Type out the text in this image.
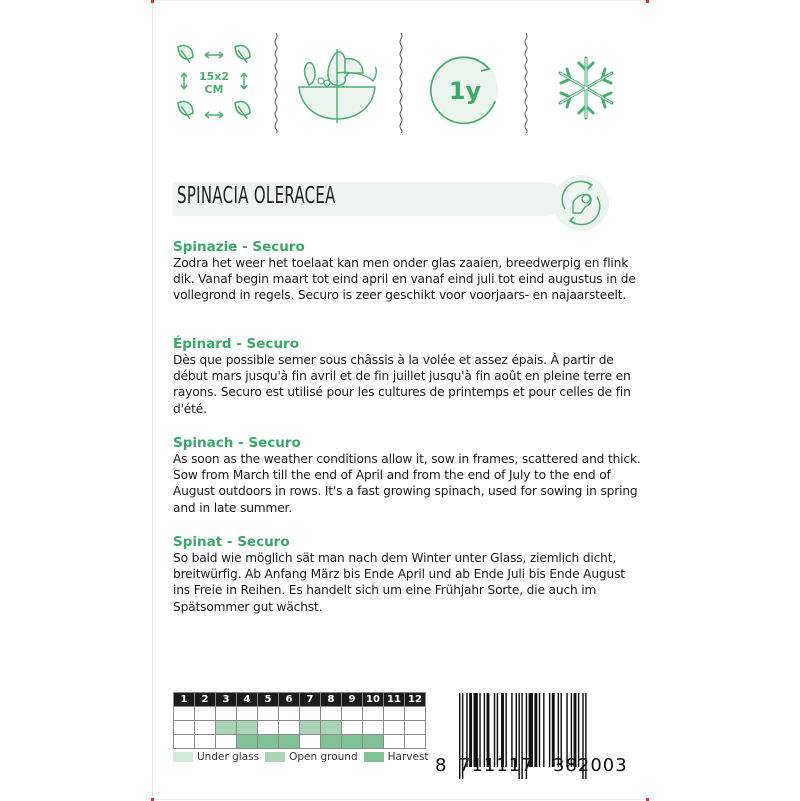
15x2
CM	1y
SPINACIA OLERACEA
Spinazie - Securo

Zodra het weer het toelaat kan men onder glas zaaien, breedwerpig en flink dik. Vanaf begin maart tot eind april en vanaf eind juli tot eind augustus in de vollegrond in regels. Securo is zeer geschikt voor voorjaars- en najaarsteelt.

Épinard - Securo

Dès que possible semer sous châssis à la volée et assez épais. À partir de début mars jusqu'à fin avril et de fin juillet jusqu'à fin août en pleine terre en rayons. Securo est utilisé pour les cultures de printemps et pour celles de fin d'été.

Spinach - Securo

As soon as the weather conditions allow it, sow in frames, scattered and thick. Sow from March till the end of April and from the end of July to the end of August outdoors in rows. It's a fast growing spinach, used for sowing in spring and in late summer.

Spinat - Securo

So bald wie möglich sät man nach dem Winter unter Glass, ziemlich dicht, breitwürfig. Ab Anfang März bis Ende April und ab Ende Juli bis Ende August ins Freie in Reihen. Es handelt sich um eine Frühjahr Sorte, die auch im Spätsommer gut wächst.

1	2	3	4	5	6	7	8	9	10	11	12

Under glass	Open ground	Harvest 8 711117 382003
